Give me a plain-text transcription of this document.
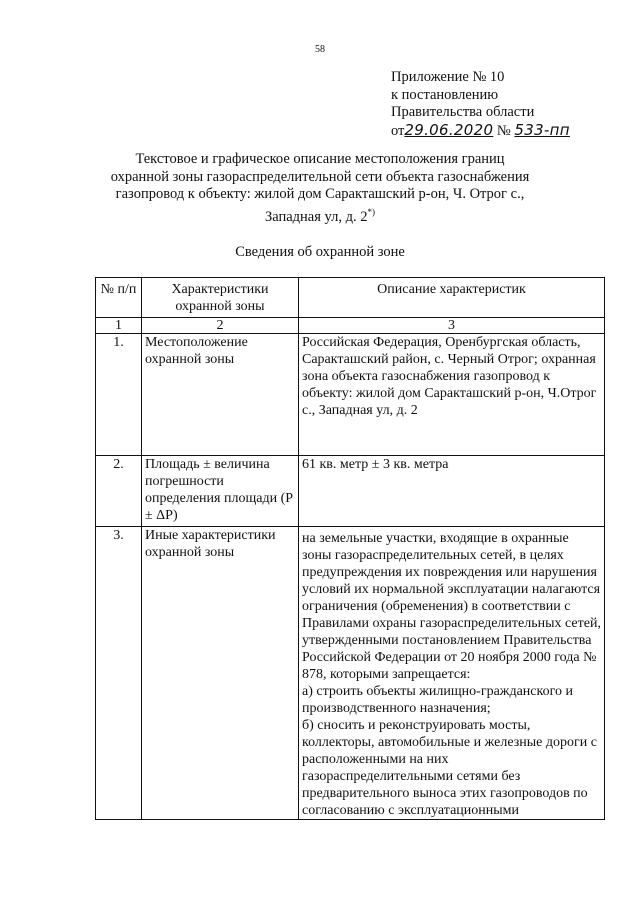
58
Приложение № 10
к постановлению
Правительства области
от29.06.2020 № 533-пп
Текстовое и графическое описание местоположения границ
охранной зоны газораспределительной сети объекта газоснабжения
газопровод к объекту: жилой дом Саракташский р-он, Ч. Отрог с.,
Западная ул, д. 2*)
Сведения об охранной зоне
№ п/п	Характеристики охранной зоны	Описание характеристик
1	2	3
1.	Местоположение охранной зоны	Российская Федерация, Оренбургская область, Саракташский район, с. Черный Отрог; охранная зона объекта газоснабжения газопровод к объекту: жилой дом Саракташский р-он, Ч.Отрог с., Западная ул, д. 2
2.	Площадь ± величина погрешности определения площади (P ± ΔP)	61 кв. метр ± 3 кв. метра
3.	Иные характеристики охранной зоны	на земельные участки, входящие в охранные зоны газораспределительных сетей, в целях предупреждения их повреждения или нарушения условий их нормальной эксплуатации налагаются ограничения (обременения) в соответствии с Правилами охраны газораспределительных сетей, утвержденными постановлением Правительства Российской Федерации от 20 ноября 2000 года № 878, которыми запрещается:
а) строить объекты жилищно-гражданского и производственного назначения;
б) сносить и реконструировать мосты, коллекторы, автомобильные и железные дороги с расположенными на них газораспределительными сетями без предварительного выноса этих газопроводов по согласованию с эксплуатационными
